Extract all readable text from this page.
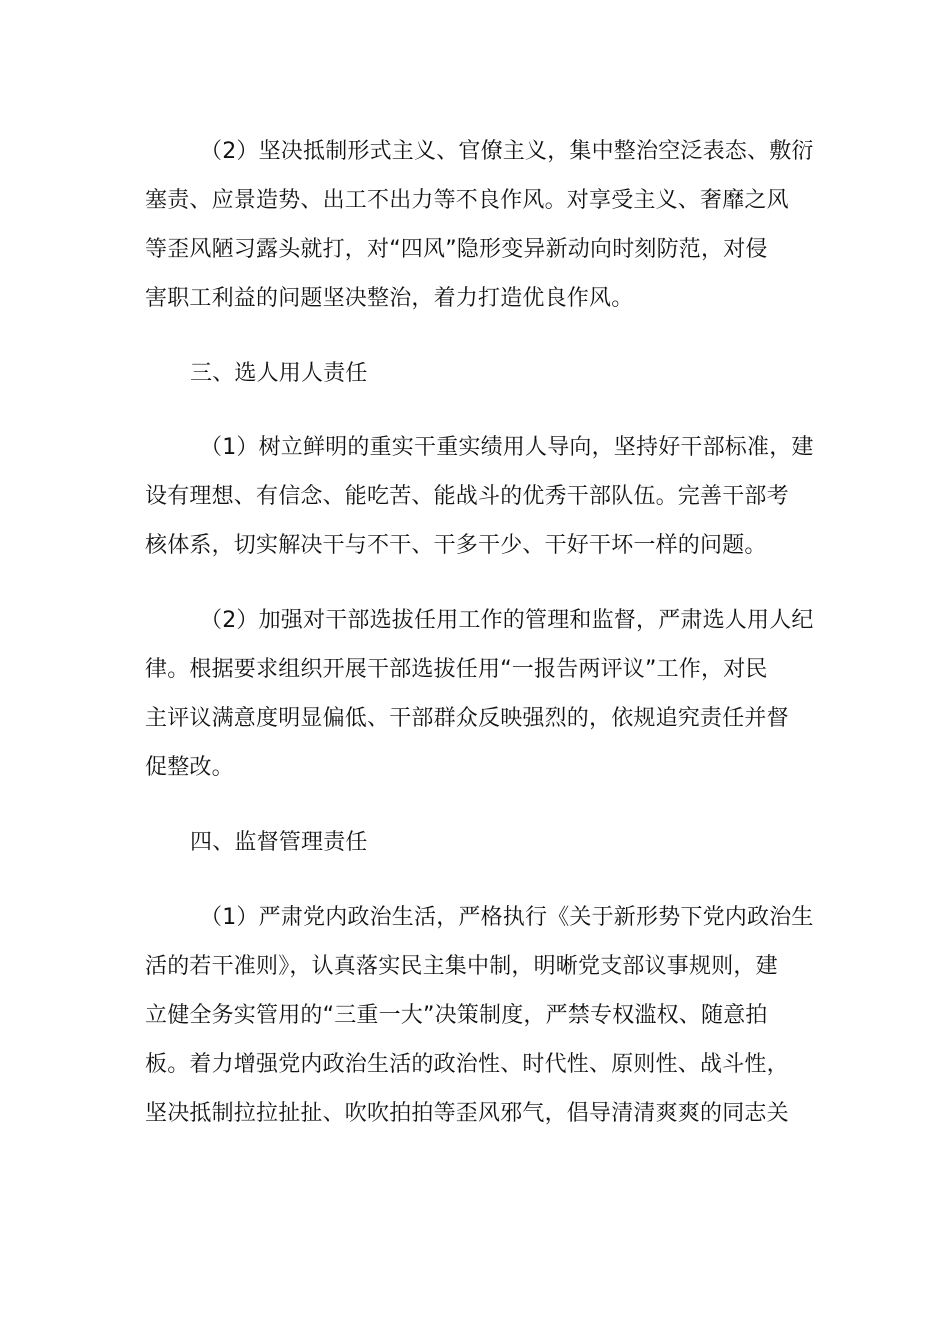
（2）坚决抵制形式主义、官僚主义，集中整治空泛表态、敷衍
塞责、应景造势、出工不出力等不良作风。对享受主义、奢靡之风
等歪风陋习露头就打，对“四风”隐形变异新动向时刻防范，对侵
害职工利益的问题坚决整治，着力打造优良作风。
三、选人用人责任
（1）树立鲜明的重实干重实绩用人导向，坚持好干部标准，建
设有理想、有信念、能吃苦、能战斗的优秀干部队伍。完善干部考
核体系，切实解决干与不干、干多干少、干好干坏一样的问题。
（2）加强对干部选拔任用工作的管理和监督，严肃选人用人纪
律。根据要求组织开展干部选拔任用“一报告两评议”工作，对民
主评议满意度明显偏低、干部群众反映强烈的，依规追究责任并督
促整改。
四、监督管理责任
（1）严肃党内政治生活，严格执行《关于新形势下党内政治生
活的若干准则》，认真落实民主集中制，明晰党支部议事规则，建
立健全务实管用的“三重一大”决策制度，严禁专权滥权、随意拍
板。着力增强党内政治生活的政治性、时代性、原则性、战斗性，
坚决抵制拉拉扯扯、吹吹拍拍等歪风邪气，倡导清清爽爽的同志关
